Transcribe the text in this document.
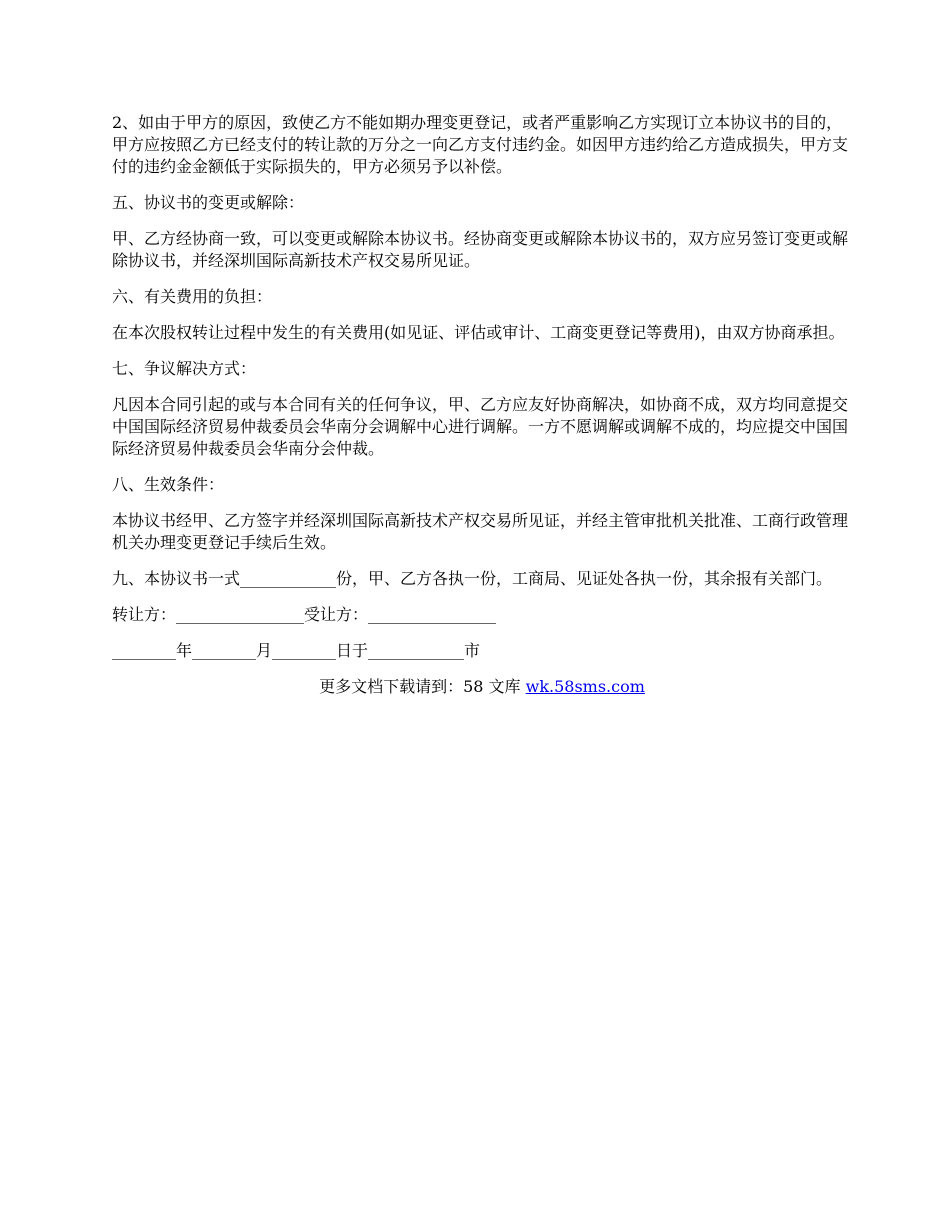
2、如由于甲方的原因，致使乙方不能如期办理变更登记，或者严重影响乙方实现订立本协议书的目的，甲方应按照乙方已经支付的转让款的万分之一向乙方支付违约金。如因甲方违约给乙方造成损失，甲方支付的违约金金额低于实际损失的，甲方必须另予以补偿。

五、协议书的变更或解除：

甲、乙方经协商一致，可以变更或解除本协议书。经协商变更或解除本协议书的，双方应另签订变更或解除协议书，并经深圳国际高新技术产权交易所见证。

六、有关费用的负担：

在本次股权转让过程中发生的有关费用(如见证、评估或审计、工商变更登记等费用)，由双方协商承担。

七、争议解决方式：

凡因本合同引起的或与本合同有关的任何争议，甲、乙方应友好协商解决，如协商不成，双方均同意提交中国国际经济贸易仲裁委员会华南分会调解中心进行调解。一方不愿调解或调解不成的，均应提交中国国际经济贸易仲裁委员会华南分会仲裁。

八、生效条件：

本协议书经甲、乙方签字并经深圳国际高新技术产权交易所见证，并经主管审批机关批准、工商行政管理机关办理变更登记手续后生效。

九、本协议书一式____________份，甲、乙方各执一份，工商局、见证处各执一份，其余报有关部门。

转让方：________________受让方：________________

________年________月________日于____________市

更多文档下载请到：58 文库 wk.58sms.com
